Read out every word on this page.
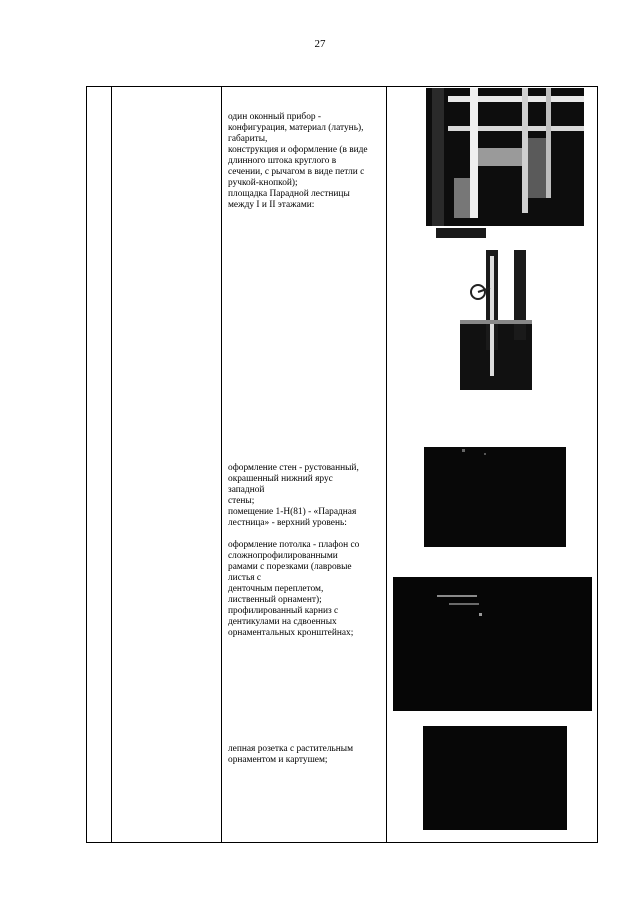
27
один оконный прибор -
конфигурация, материал (латунь),
габариты,
конструкция и оформление (в виде
длинного штока круглого в
сечении, с рычагом в виде петли с
ручкой-кнопкой);
площадка Парадной лестницы
между I и II этажами:
оформление стен - рустованный,
окрашенный нижний ярус
западной
стены;
помещение 1-Н(81) - «Парадная
лестница» - верхний уровень:
оформление потолка - плафон со
сложнопрофилированными
рамами с порезками (лавровые
листья с
денточным переплетом,
лиственный орнамент);
профилированный карниз с
дентикулами на сдвоенных
орнаментальных кронштейнах;
лепная розетка с растительным
орнаментом и картушем;
